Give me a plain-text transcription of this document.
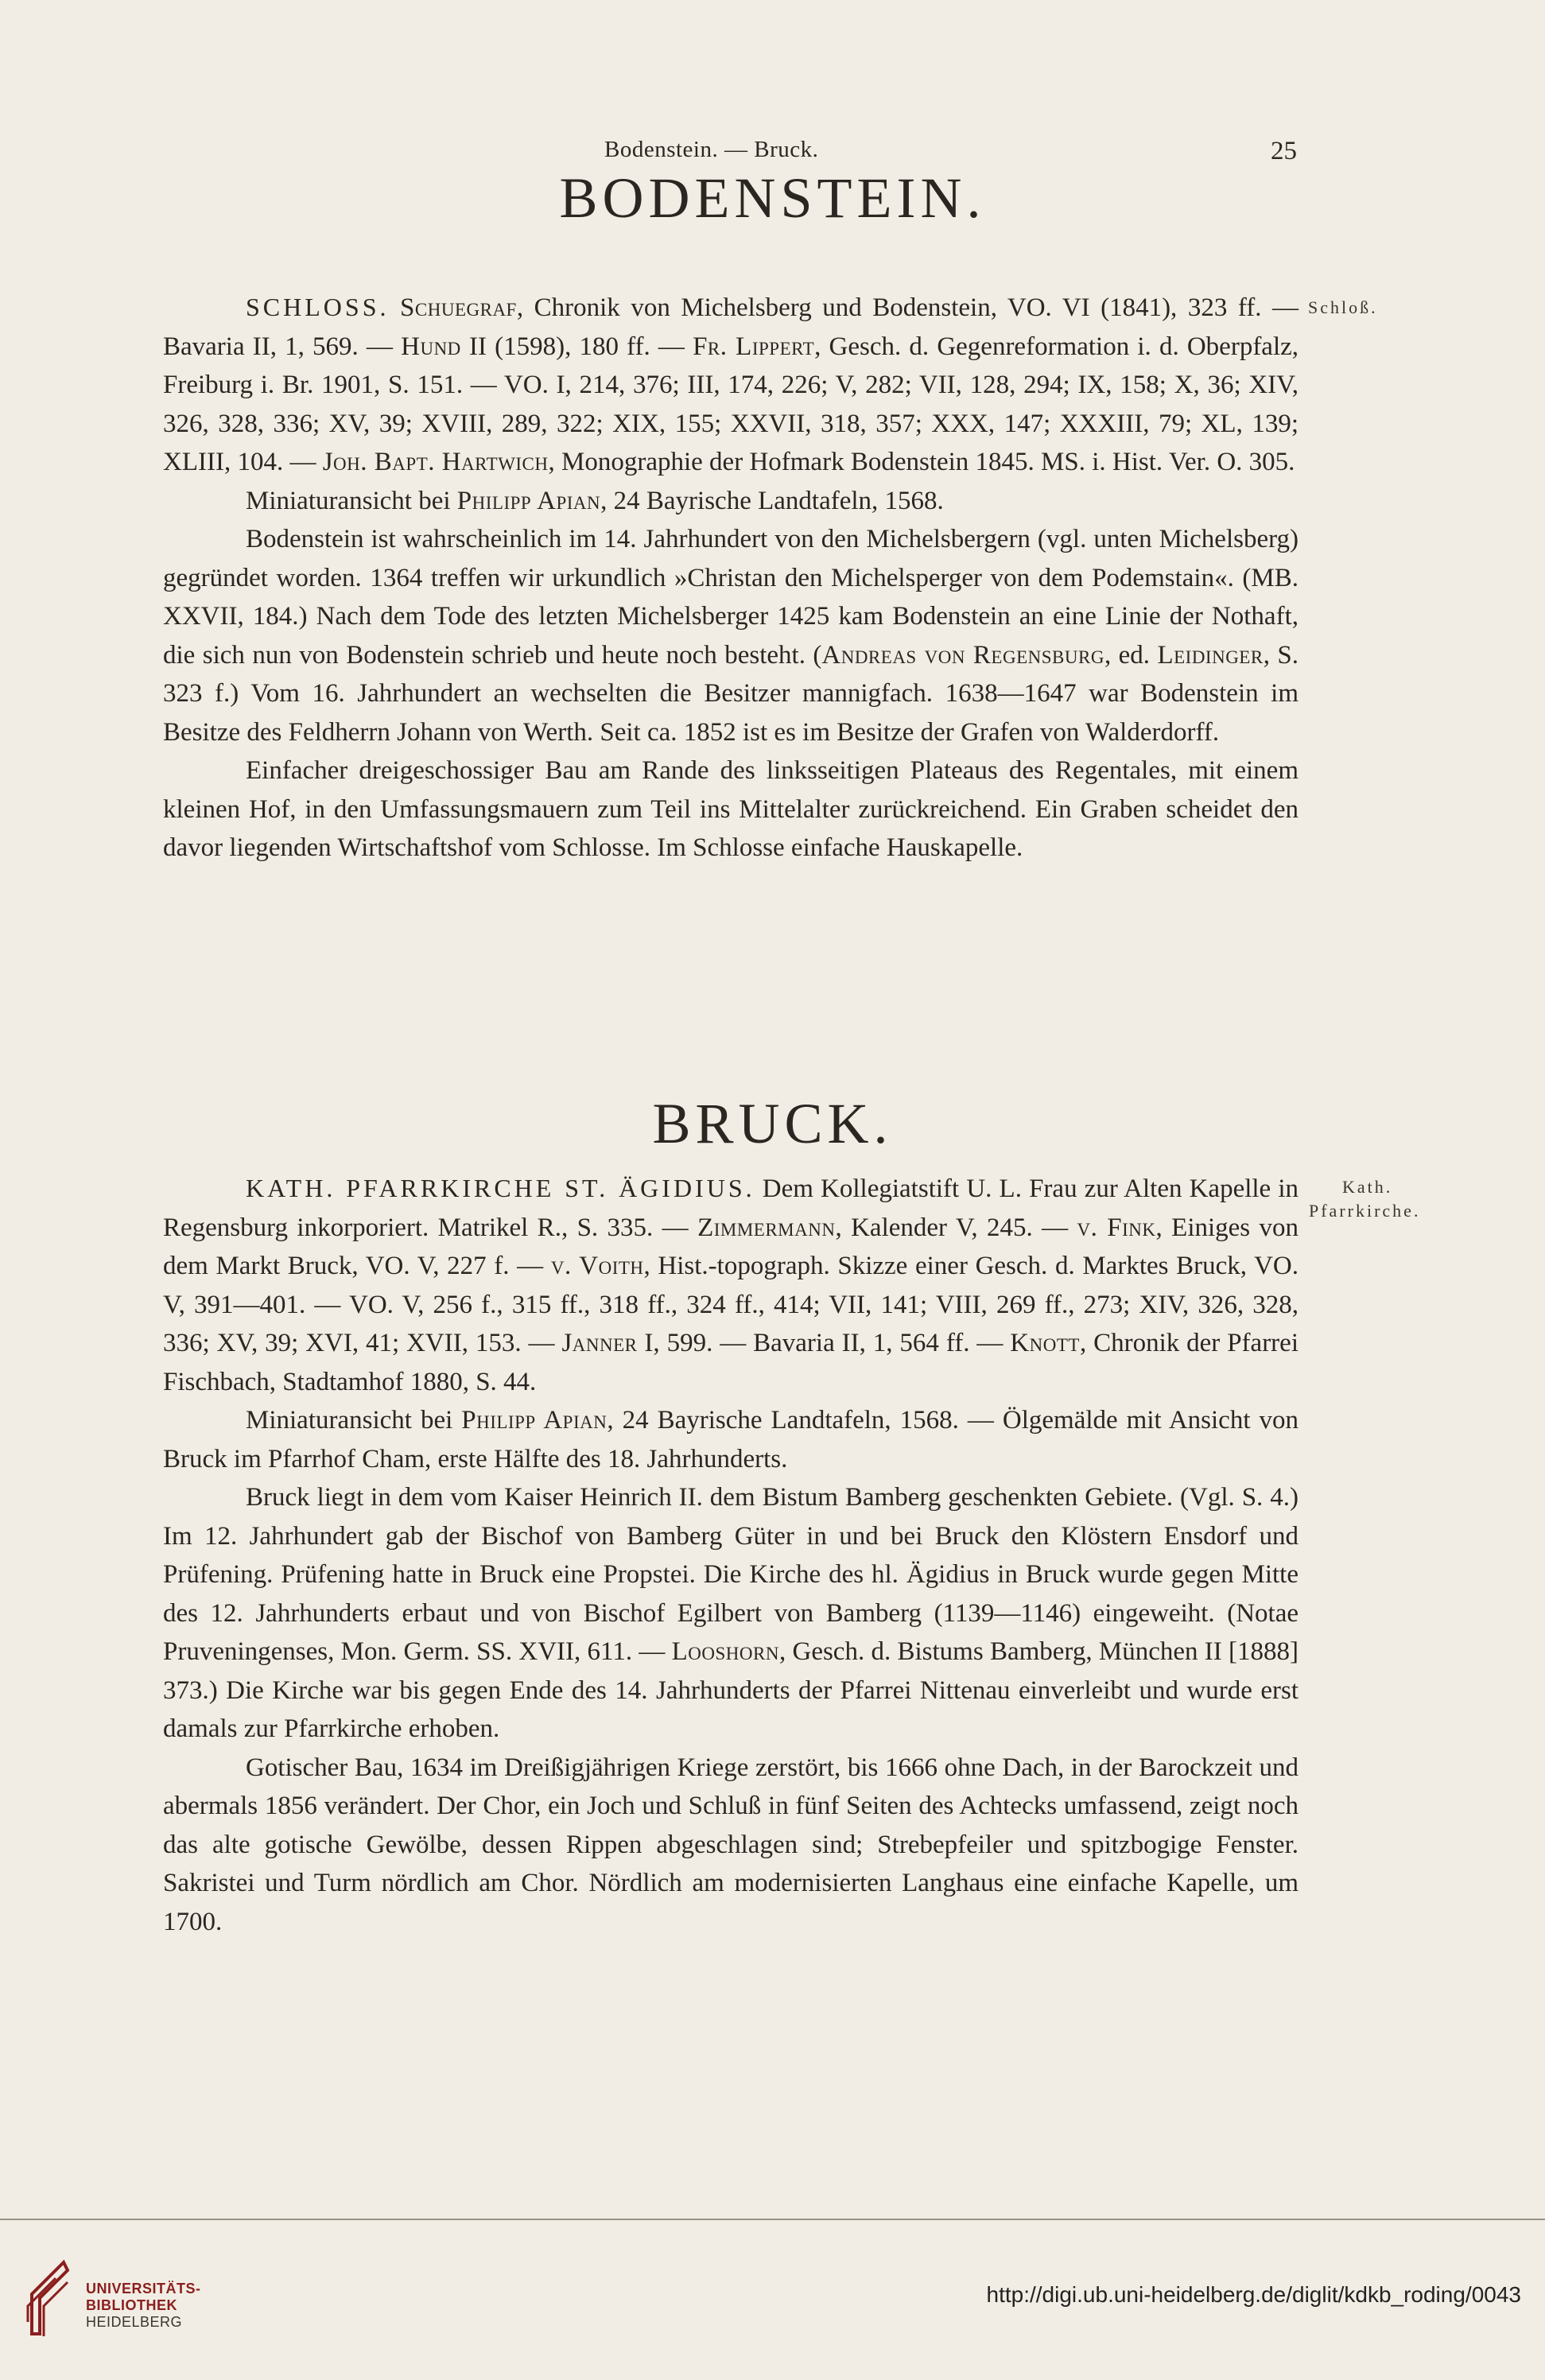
Bodenstein. — Bruck.	25
BODENSTEIN.
Schloß.

SCHLOSS. Schuegraf, Chronik von Michelsberg und Bodenstein, VO. VI (1841), 323 ff. — Bavaria II, 1, 569. — Hund II (1598), 180 ff. — Fr. Lippert, Gesch. d. Gegenreformation i. d. Oberpfalz, Freiburg i. Br. 1901, S. 151. — VO. I, 214, 376; III, 174, 226; V, 282; VII, 128, 294; IX, 158; X, 36; XIV, 326, 328, 336; XV, 39; XVIII, 289, 322; XIX, 155; XXVII, 318, 357; XXX, 147; XXXIII, 79; XL, 139; XLIII, 104. — Joh. Bapt. Hartwich, Monographie der Hofmark Bodenstein 1845. MS. i. Hist. Ver. O. 305.

Miniaturansicht bei Philipp Apian, 24 Bayrische Landtafeln, 1568.

Bodenstein ist wahrscheinlich im 14. Jahrhundert von den Michelsbergern (vgl. unten Michelsberg) gegründet worden. 1364 treffen wir urkundlich »Christan den Michelsperger von dem Podemstain«. (MB. XXVII, 184.) Nach dem Tode des letzten Michelsberger 1425 kam Bodenstein an eine Linie der Nothaft, die sich nun von Bodenstein schrieb und heute noch besteht. (Andreas von Regensburg, ed. Leidinger, S. 323 f.) Vom 16. Jahrhundert an wechselten die Besitzer mannigfach. 1638—1647 war Bodenstein im Besitze des Feldherrn Johann von Werth. Seit ca. 1852 ist es im Besitze der Grafen von Walderdorff.

Einfacher dreigeschossiger Bau am Rande des linksseitigen Plateaus des Regentales, mit einem kleinen Hof, in den Umfassungsmauern zum Teil ins Mittelalter zurückreichend. Ein Graben scheidet den davor liegenden Wirtschaftshof vom Schlosse. Im Schlosse einfache Hauskapelle.

BRUCK.
Kath.
Pfarrkirche.

KATH. PFARRKIRCHE ST. ÄGIDIUS. Dem Kollegiatstift U. L. Frau zur Alten Kapelle in Regensburg inkorporiert. Matrikel R., S. 335. — Zimmermann, Kalender V, 245. — v. Fink, Einiges von dem Markt Bruck, VO. V, 227 f. — v. Voith, Hist.-topograph. Skizze einer Gesch. d. Marktes Bruck, VO. V, 391—401. — VO. V, 256 f., 315 ff., 318 ff., 324 ff., 414; VII, 141; VIII, 269 ff., 273; XIV, 326, 328, 336; XV, 39; XVI, 41; XVII, 153. — Janner I, 599. — Bavaria II, 1, 564 ff. — Knott, Chronik der Pfarrei Fischbach, Stadtamhof 1880, S. 44.

Miniaturansicht bei Philipp Apian, 24 Bayrische Landtafeln, 1568. — Ölgemälde mit Ansicht von Bruck im Pfarrhof Cham, erste Hälfte des 18. Jahrhunderts.

Bruck liegt in dem vom Kaiser Heinrich II. dem Bistum Bamberg geschenkten Gebiete. (Vgl. S. 4.) Im 12. Jahrhundert gab der Bischof von Bamberg Güter in und bei Bruck den Klöstern Ensdorf und Prüfening. Prüfening hatte in Bruck eine Propstei. Die Kirche des hl. Ägidius in Bruck wurde gegen Mitte des 12. Jahrhunderts erbaut und von Bischof Egilbert von Bamberg (1139—1146) eingeweiht. (Notae Pruveningenses, Mon. Germ. SS. XVII, 611. — Looshorn, Gesch. d. Bistums Bamberg, München II [1888] 373.) Die Kirche war bis gegen Ende des 14. Jahrhunderts der Pfarrei Nittenau einverleibt und wurde erst damals zur Pfarrkirche erhoben.

Gotischer Bau, 1634 im Dreißigjährigen Kriege zerstört, bis 1666 ohne Dach, in der Barockzeit und abermals 1856 verändert. Der Chor, ein Joch und Schluß in fünf Seiten des Achtecks umfassend, zeigt noch das alte gotische Gewölbe, dessen Rippen abgeschlagen sind; Strebepfeiler und spitzbogige Fenster. Sakristei und Turm nördlich am Chor. Nördlich am modernisierten Langhaus eine einfache Kapelle, um 1700.

UNIVERSITÄTS-
BIBLIOTHEK
HEIDELBERG
http://digi.ub.uni-heidelberg.de/diglit/kdkb_roding/0043
